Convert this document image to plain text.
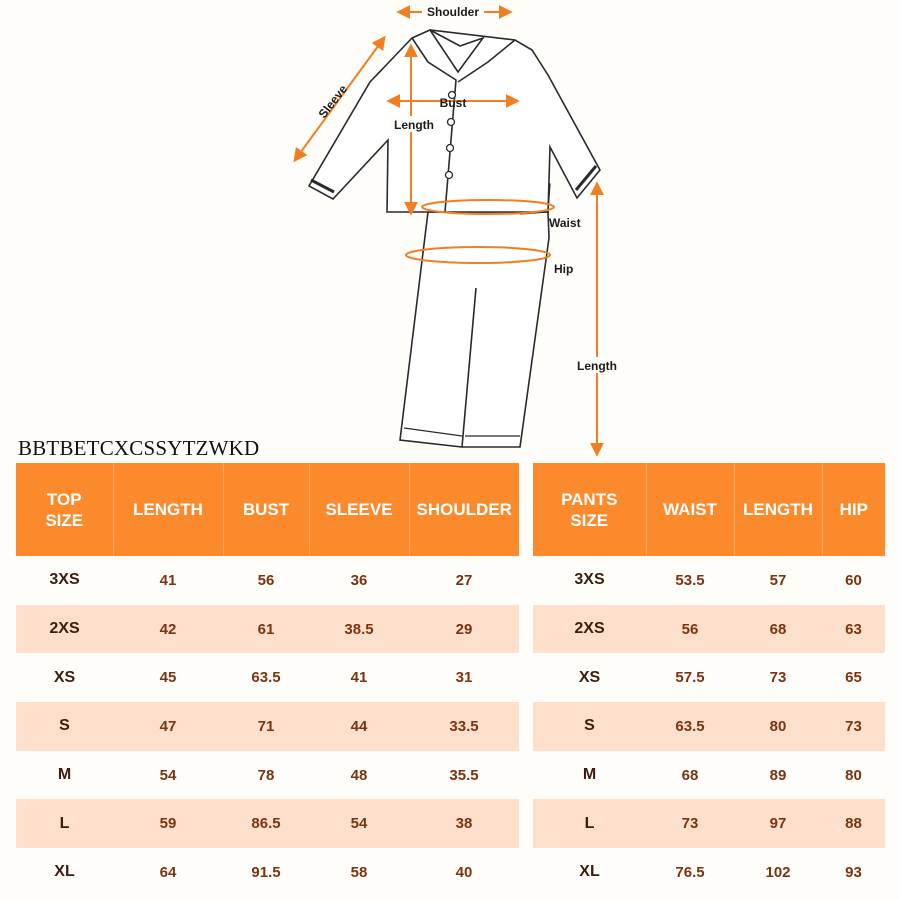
Shoulder
Sleeve	Bust
Length
Waist
Hip
Length
BBTBETCXCSSYTZWKD
TOP
SIZE	LENGTH	BUST	SLEEVE	SHOULDER
3XS	41	56	36	27
2XS	42	61	38.5	29
XS	45	63.5	41	31
S	47	71	44	33.5
M	54	78	48	35.5
L	59	86.5	54	38
XL	64	91.5	58	40
PANTS
SIZE	WAIST	LENGTH	HIP
3XS	53.5	57	60
2XS	56	68	63
XS	57.5	73	65
S	63.5	80	73
M	68	89	80
L	73	97	88
XL	76.5	102	93
